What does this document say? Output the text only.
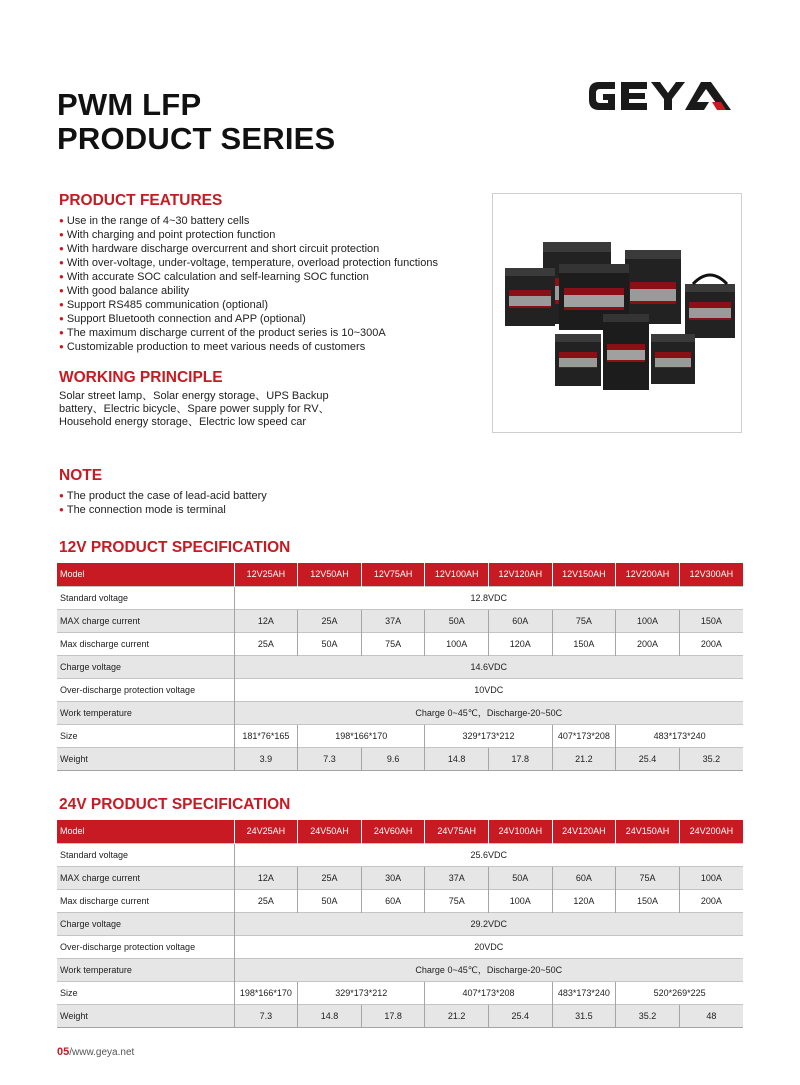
PWM LFP
PRODUCT SERIES
PRODUCT FEATURES
● Use in the range of 4~30 battery cells
● With charging and point protection function
● With hardware discharge overcurrent and short circuit protection
● With over-voltage, under-voltage, temperature, overload protection functions
● With accurate SOC calculation and self-learning SOC function
● With good balance ability
● Support RS485 communication (optional)
● Support Bluetooth connection and APP (optional)
● The maximum discharge current of the product series is 10~300A
● Customizable production to meet various needs of customers
WORKING PRINCIPLE
Solar street lamp、Solar energy storage、UPS Backup battery、Electric bicycle、Spare power supply for RV、Household energy storage、Electric low speed car
NOTE
● The product the case of lead-acid battery
● The connection mode is terminal
12V PRODUCT SPECIFICATION
Model	12V25AH	12V50AH	12V75AH	12V100AH	12V120AH	12V150AH	12V200AH	12V300AH
Standard voltage	12.8VDC							
MAX charge current	12A	25A	37A	50A	60A	75A	100A	150A
Max discharge current	25A	50A	75A	100A	120A	150A	200A	200A
Charge voltage	14.6VDC							
Over-discharge protection voltage	10VDC							
Work temperature	Charge 0~45℃，Discharge-20~50C							
Size	181*76*165	198*166*170		329*173*212		407*173*208	483*173*240	
Weight	3.9	7.3	9.6	14.8	17.8	21.2	25.4	35.2
24V PRODUCT SPECIFICATION
Model	24V25AH	24V50AH	24V60AH	24V75AH	24V100AH	24V120AH	24V150AH	24V200AH
Standard voltage	25.6VDC							
MAX charge current	12A	25A	30A	37A	50A	60A	75A	100A
Max discharge current	25A	50A	60A	75A	100A	120A	150A	200A
Charge voltage	29.2VDC							
Over-discharge protection voltage	20VDC							
Work temperature	Charge 0~45℃，Discharge-20~50C							
Size	198*166*170	329*173*212		407*173*208		483*173*240	520*269*225	
Weight	7.3	14.8	17.8	21.2	25.4	31.5	35.2	48
05/www.geya.net
